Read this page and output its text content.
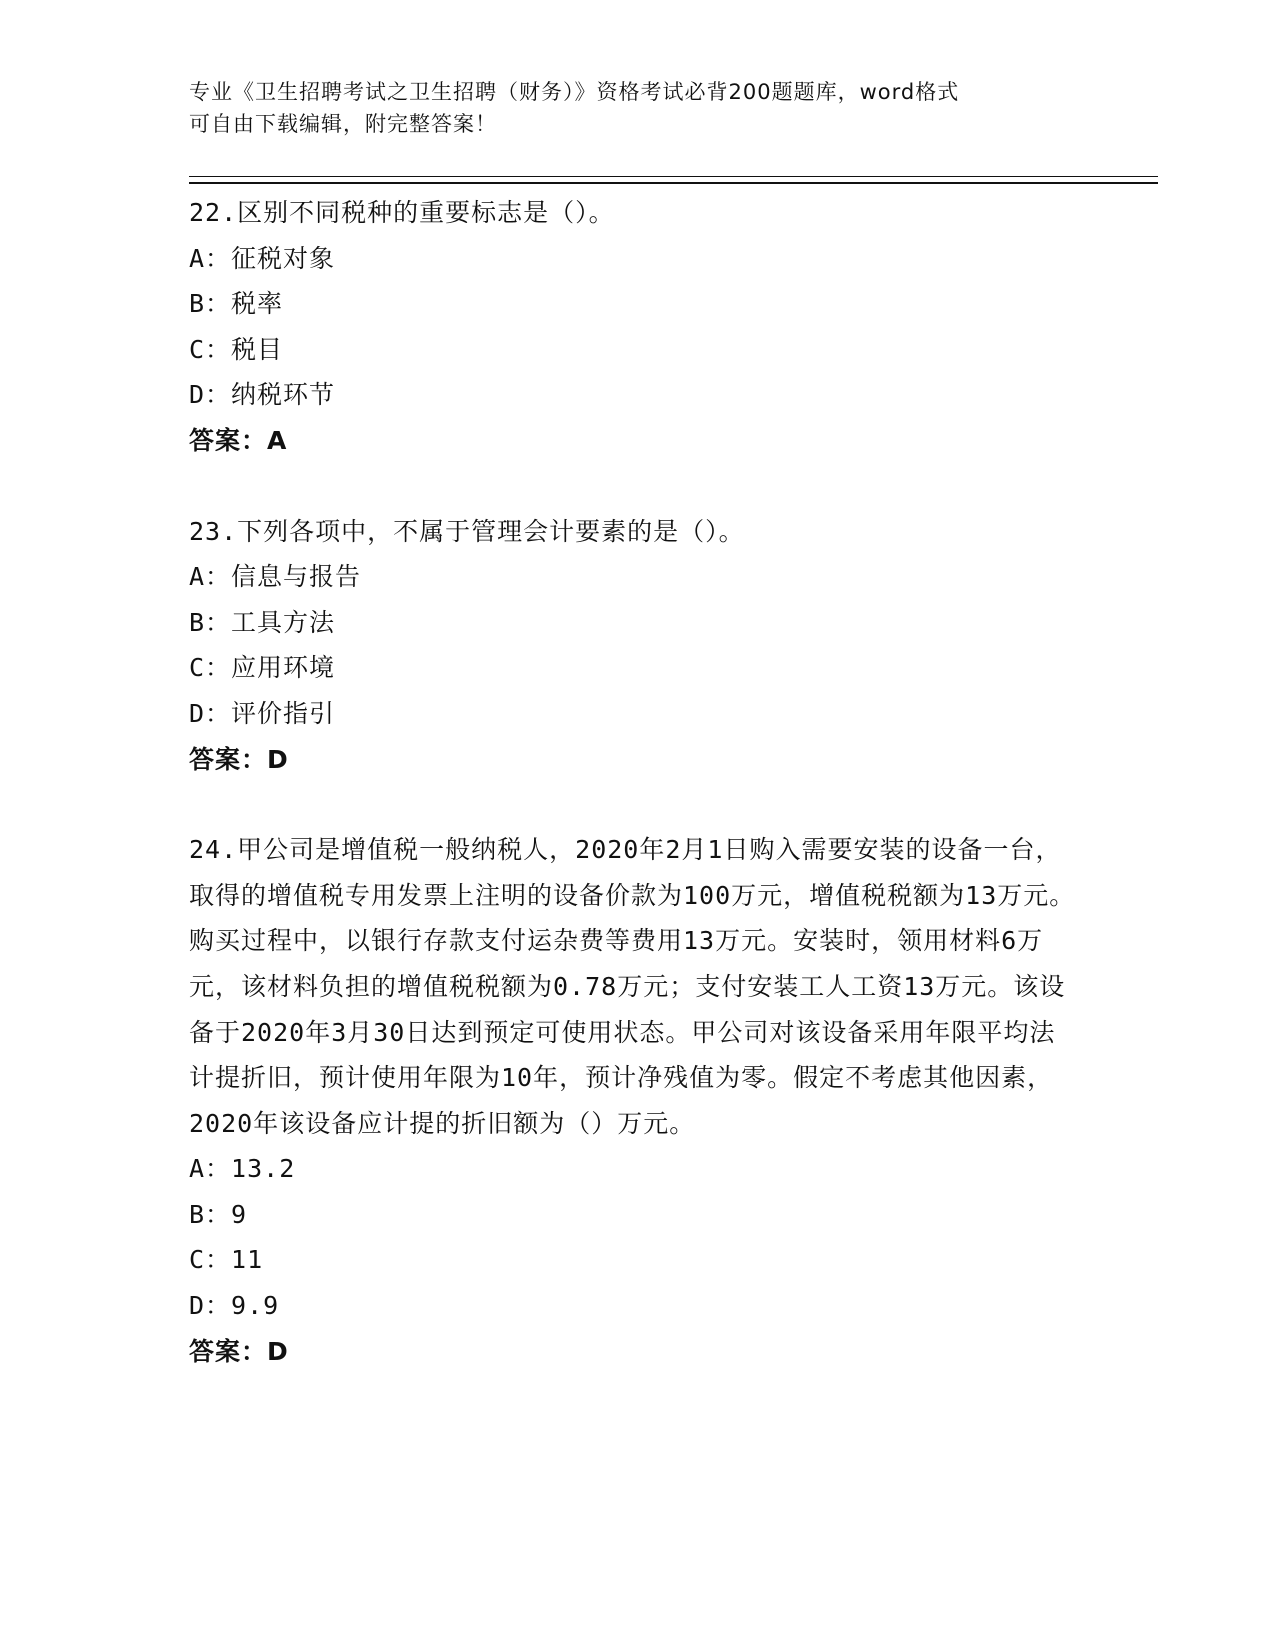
专业《卫生招聘考试之卫生招聘（财务）》资格考试必背200题题库，word格式
可自由下载编辑，附完整答案！
22.区别不同税种的重要标志是（）。
A：征税对象
B：税率
C：税目
D：纳税环节
答案：A
23.下列各项中，不属于管理会计要素的是（）。
A：信息与报告
B：工具方法
C：应用环境
D：评价指引
答案：D
24.甲公司是增值税一般纳税人，2020年2月1日购入需要安装的设备一台，取得的增值税专用发票上注明的设备价款为100万元，增值税税额为13万元。购买过程中，以银行存款支付运杂费等费用13万元。安装时，领用材料6万元，该材料负担的增值税税额为0.78万元；支付安装工人工资13万元。该设备于2020年3月30日达到预定可使用状态。甲公司对该设备采用年限平均法计提折旧，预计使用年限为10年，预计净残值为零。假定不考虑其他因素，2020年该设备应计提的折旧额为（）万元。
A：13.2
B：9
C：11
D：9.9
答案：D
